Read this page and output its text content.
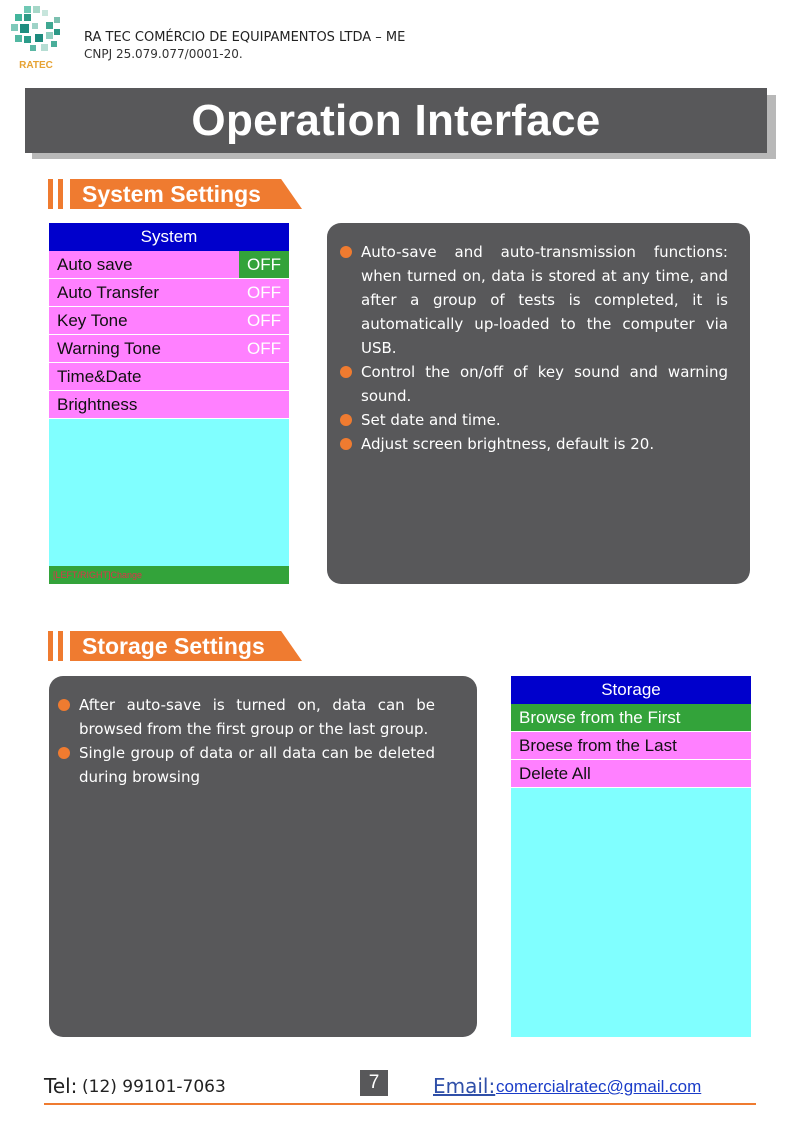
RATEC
RA TEC COMÉRCIO DE EQUIPAMENTOS LTDA – ME
CNPJ 25.079.077/0001-20.
Operation Interface
System Settings
System
Auto save	OFF
Auto Transfer	OFF
Key Tone	OFF
Warning Tone	OFF
Time&Date
Brightness
[LEFT/RIGHT]Change
Auto-save and auto-transmission functions: when turned on, data is stored at any time, and after a group of tests is completed, it is automatically up-loaded to the computer via USB.
Control the on/off of key sound and warning sound.
Set date and time.
Adjust screen brightness, default is 20.
Storage Settings
After auto-save is turned on, data can be browsed from the first group or the last group.
Single group of data or all data can be deleted during browsing
Storage
Browse from the First
Broese from the Last
Delete All
Tel: (12) 99101-7063	7	Email: comercialratec@gmail.com
